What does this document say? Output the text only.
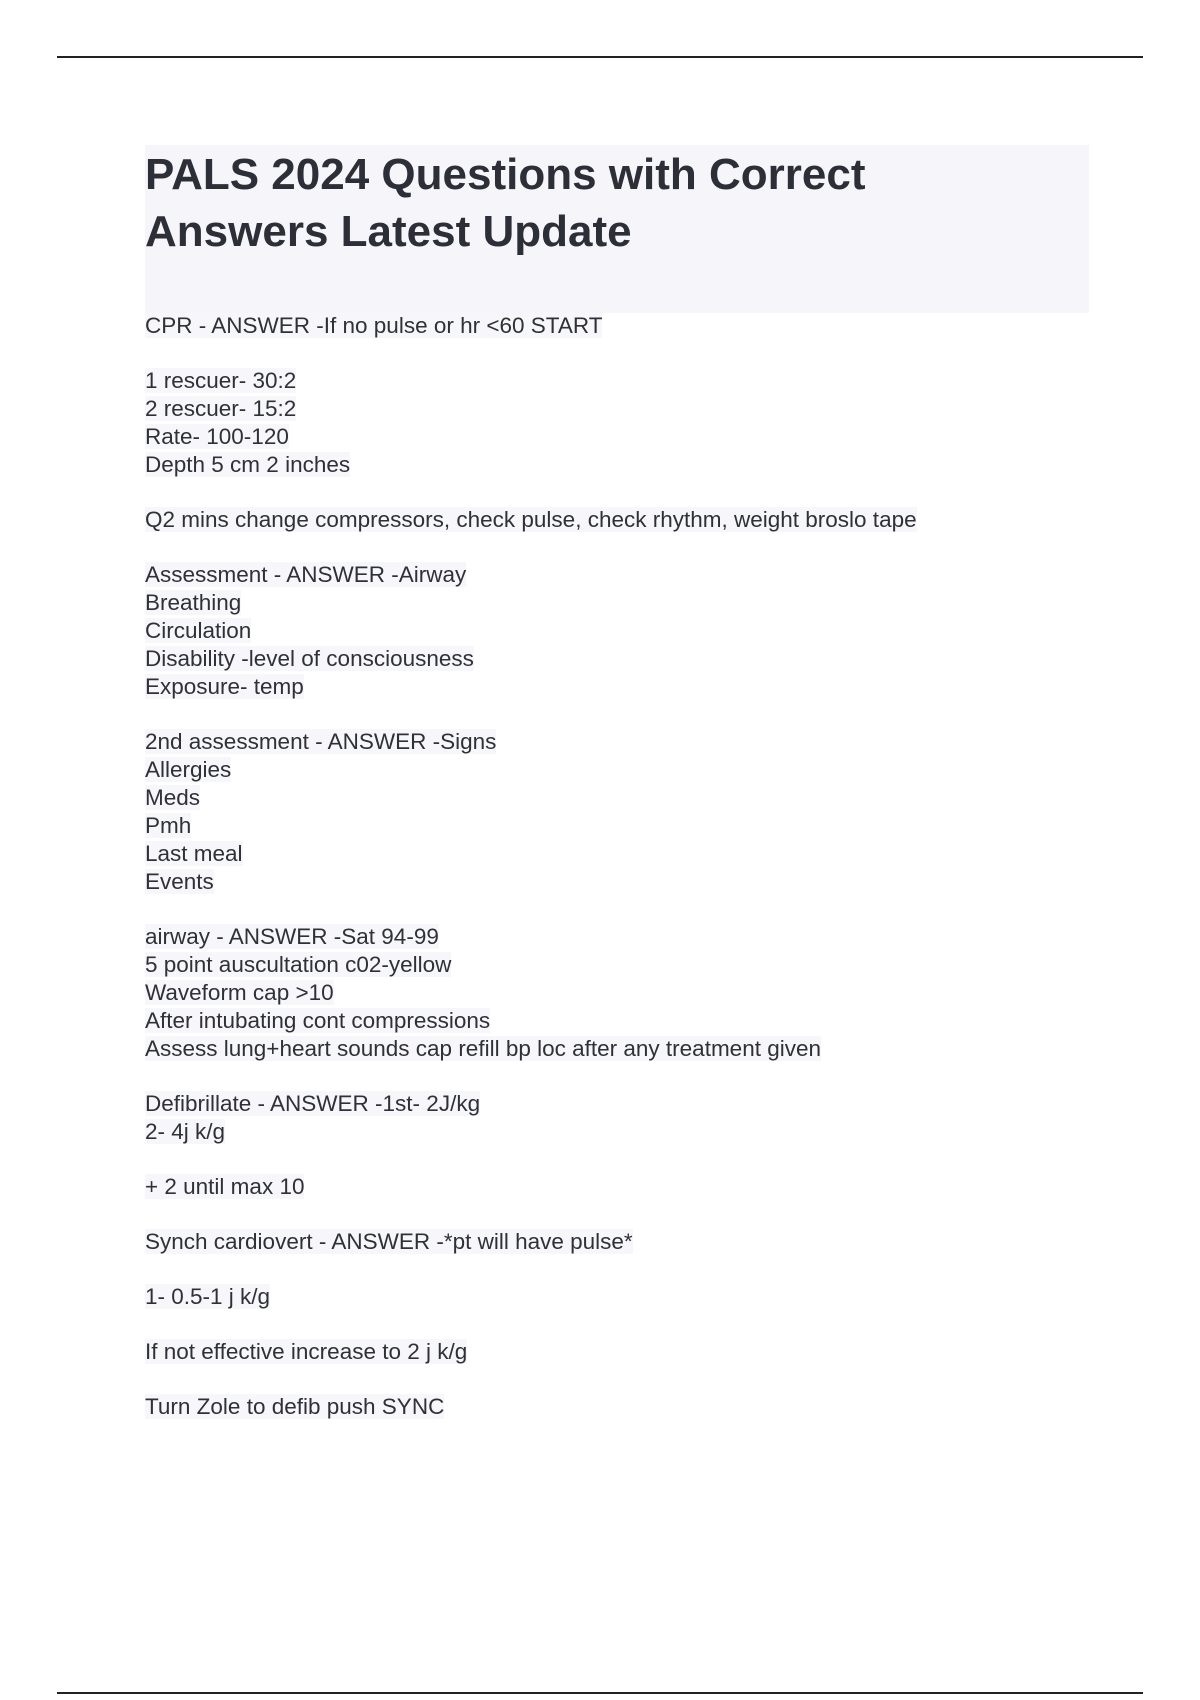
PALS 2024 Questions with Correct
Answers Latest Update

CPR - ANSWER -If no pulse or hr <60 START

1 rescuer- 30:2
2 rescuer- 15:2
Rate- 100-120
Depth 5 cm 2 inches

Q2 mins change compressors, check pulse, check rhythm, weight broslo tape

Assessment - ANSWER -Airway
Breathing
Circulation
Disability -level of consciousness
Exposure- temp

2nd assessment - ANSWER -Signs
Allergies
Meds
Pmh
Last meal
Events

airway - ANSWER -Sat 94-99
5 point auscultation c02-yellow
Waveform cap >10
After intubating cont compressions
Assess lung+heart sounds cap refill bp loc after any treatment given

Defibrillate - ANSWER -1st- 2J/kg
2- 4j k/g

+ 2 until max 10

Synch cardiovert - ANSWER -*pt will have pulse*

1- 0.5-1 j k/g

If not effective increase to 2 j k/g

Turn Zole to defib push SYNC
